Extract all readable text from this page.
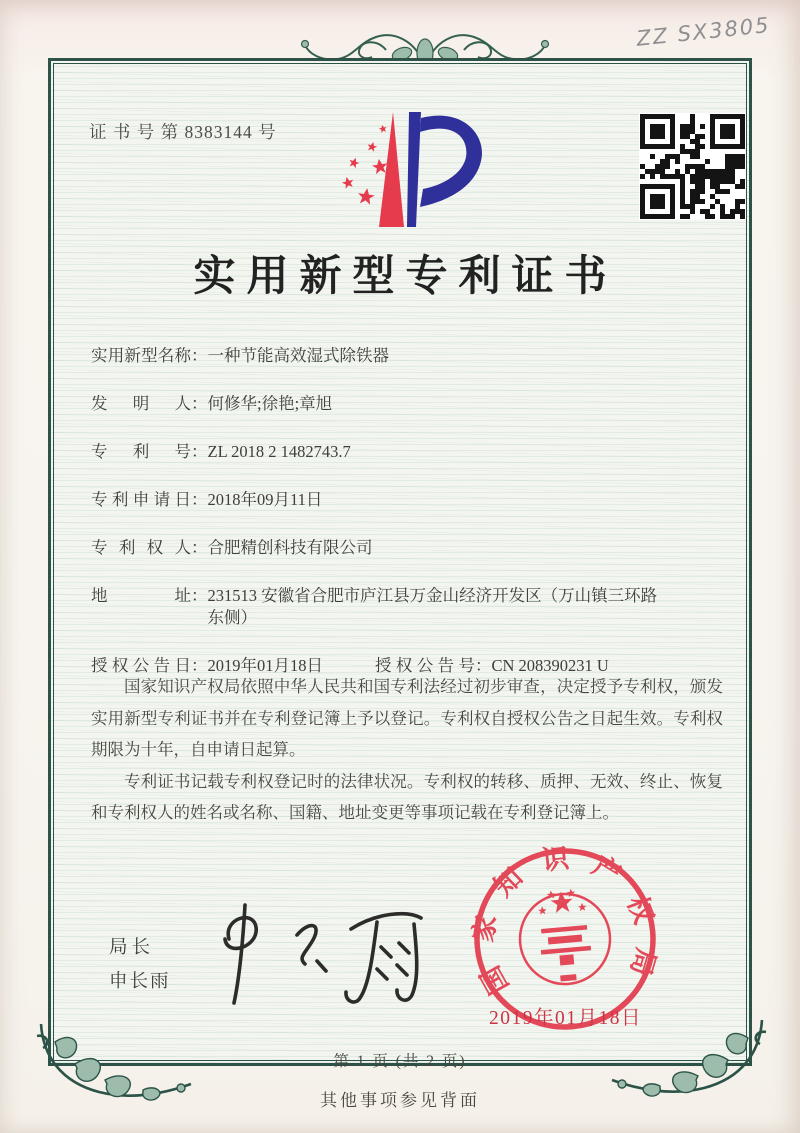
ZZ SX3805
证 书 号 第 8383144 号
实用新型专利证书
实用新型名称 ： 一种节能高效湿式除铁器
发明人 ： 何修华;徐艳;章旭
专利号 ： ZL 2018 2 1482743.7
专利申请日 ： 2018年09月11日
专利权人 ： 合肥精创科技有限公司
地址 ： 231513 安徽省合肥市庐江县万金山经济开发区（万山镇三环路东侧）
授权公告日 ： 2019年01月18日	授权公告号 ： CN 208390231 U

国家知识产权局依照中华人民共和国专利法经过初步审查，决定授予专利权，颁发实用新型专利证书并在专利登记簿上予以登记。专利权自授权公告之日起生效。专利权期限为十年，自申请日起算。

专利证书记载专利权登记时的法律状况。专利权的转移、质押、无效、终止、恢复和专利权人的姓名或名称、国籍、地址变更等事项记载在专利登记簿上。

局长
申长雨	国家知识产权局
2019年01月18日
第 1 页 (共 2 页)
其他事项参见背面
